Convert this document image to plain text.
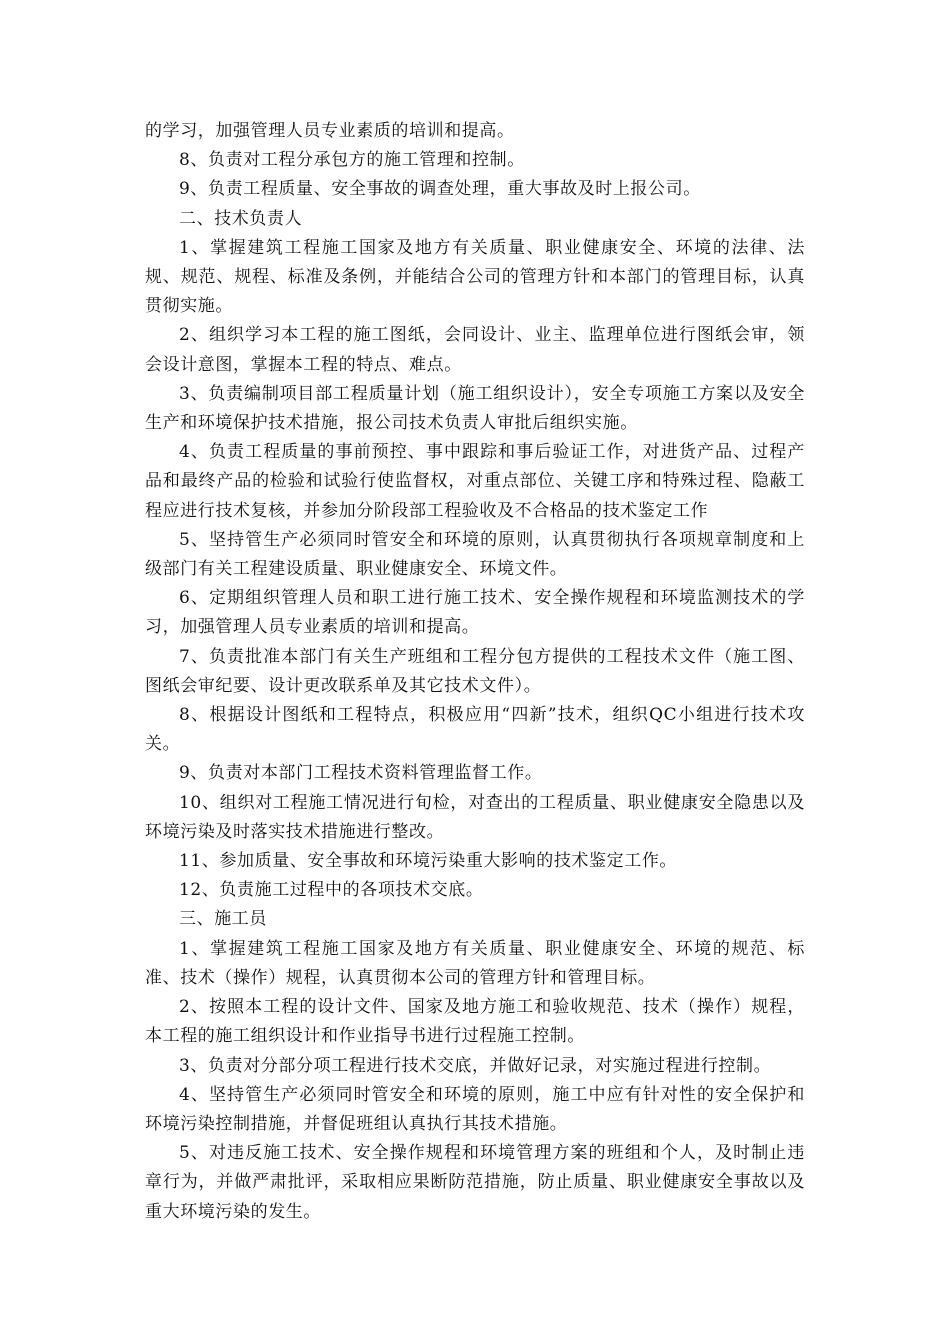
的学习，加强管理人员专业素质的培训和提高。

8、负责对工程分承包方的施工管理和控制。

9、负责工程质量、安全事故的调查处理，重大事故及时上报公司。

二、技术负责人

1、掌握建筑工程施工国家及地方有关质量、职业健康安全、环境的法律、法规、规范、规程、标准及条例，并能结合公司的管理方针和本部门的管理目标，认真贯彻实施。

2、组织学习本工程的施工图纸，会同设计、业主、监理单位进行图纸会审，领会设计意图，掌握本工程的特点、难点。

3、负责编制项目部工程质量计划（施工组织设计），安全专项施工方案以及安全生产和环境保护技术措施，报公司技术负责人审批后组织实施。

4、负责工程质量的事前预控、事中跟踪和事后验证工作，对进货产品、过程产品和最终产品的检验和试验行使监督权，对重点部位、关键工序和特殊过程、隐蔽工程应进行技术复核，并参加分阶段部工程验收及不合格品的技术鉴定工作

5、坚持管生产必须同时管安全和环境的原则，认真贯彻执行各项规章制度和上级部门有关工程建设质量、职业健康安全、环境文件。

6、定期组织管理人员和职工进行施工技术、安全操作规程和环境监测技术的学习，加强管理人员专业素质的培训和提高。

7、负责批准本部门有关生产班组和工程分包方提供的工程技术文件（施工图、图纸会审纪要、设计更改联系单及其它技术文件）。

8、根据设计图纸和工程特点，积极应用“四新”技术，组织QC小组进行技术攻关。

9、负责对本部门工程技术资料管理监督工作。

10、组织对工程施工情况进行旬检，对查出的工程质量、职业健康安全隐患以及环境污染及时落实技术措施进行整改。

11、参加质量、安全事故和环境污染重大影响的技术鉴定工作。

12、负责施工过程中的各项技术交底。

三、施工员

1、掌握建筑工程施工国家及地方有关质量、职业健康安全、环境的规范、标准、技术（操作）规程，认真贯彻本公司的管理方针和管理目标。

2、按照本工程的设计文件、国家及地方施工和验收规范、技术（操作）规程，本工程的施工组织设计和作业指导书进行过程施工控制。

3、负责对分部分项工程进行技术交底，并做好记录，对实施过程进行控制。

4、坚持管生产必须同时管安全和环境的原则，施工中应有针对性的安全保护和环境污染控制措施，并督促班组认真执行其技术措施。

5、对违反施工技术、安全操作规程和环境管理方案的班组和个人，及时制止违章行为，并做严肃批评，采取相应果断防范措施，防止质量、职业健康安全事故以及重大环境污染的发生。
